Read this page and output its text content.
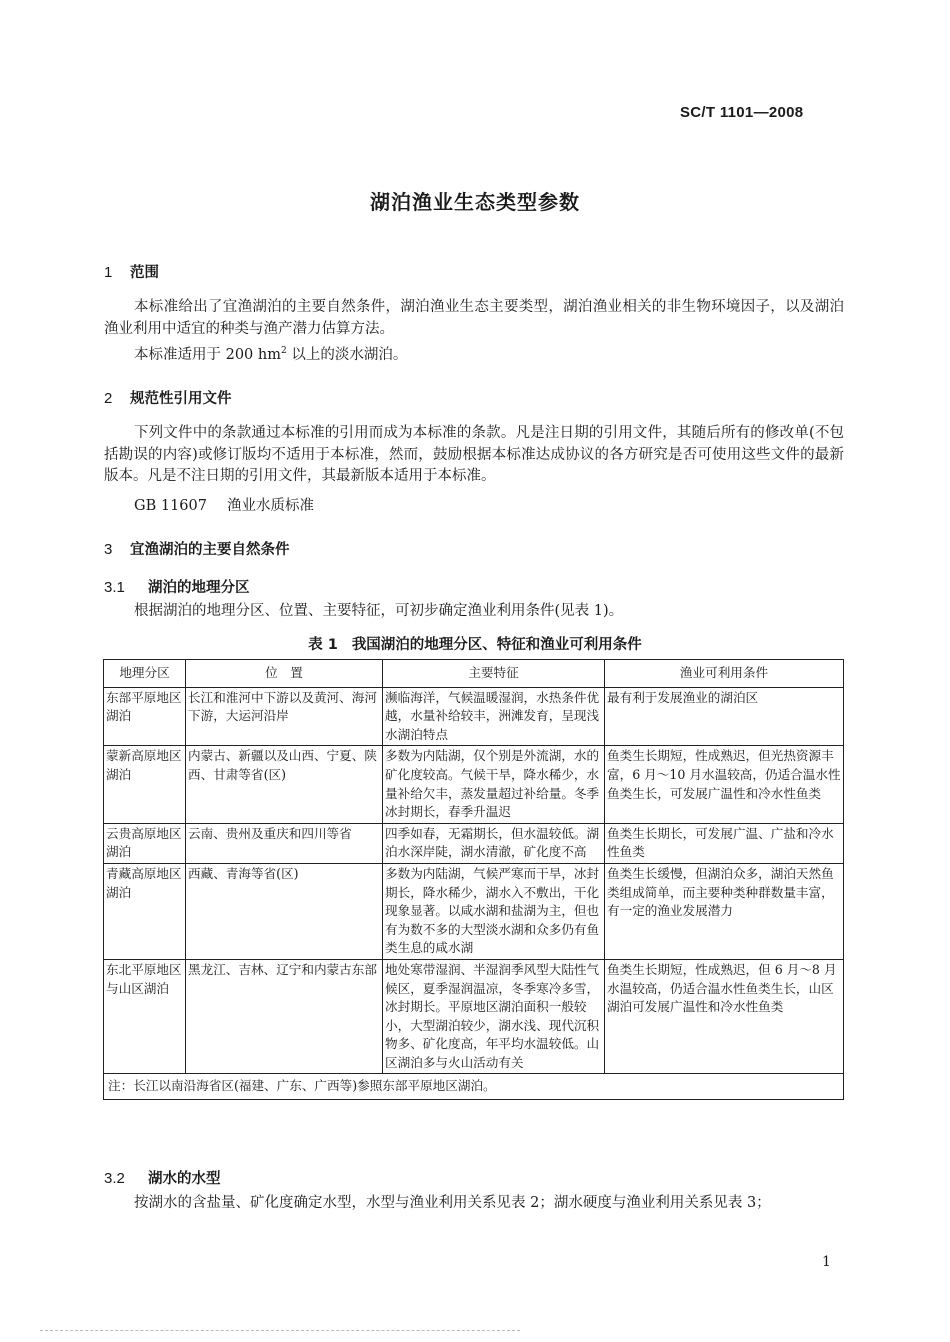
SC/T 1101—2008
湖泊渔业生态类型参数
1 范围
本标准给出了宜渔湖泊的主要自然条件，湖泊渔业生态主要类型，湖泊渔业相关的非生物环境因子，以及湖泊渔业利用中适宜的种类与渔产潜力估算方法。
本标准适用于 200 $hm^2$ 以上的淡水湖泊。
2 规范性引用文件
下列文件中的条款通过本标准的引用而成为本标准的条款。凡是注日期的引用文件，其随后所有的修改单(不包括勘误的内容)或修订版均不适用于本标准，然而，鼓励根据本标准达成协议的各方研究是否可使用这些文件的最新版本。凡是不注日期的引用文件，其最新版本适用于本标准。
GB 11607 渔业水质标准
3 宜渔湖泊的主要自然条件
3.1 湖泊的地理分区
根据湖泊的地理分区、位置、主要特征，可初步确定渔业利用条件(见表 1)。
表 1 我国湖泊的地理分区、特征和渔业可利用条件
地理分区	位　置	主要特征	渔业可利用条件
东部平原地区湖泊	长江和淮河中下游以及黄河、海河下游，大运河沿岸	濒临海洋，气候温暖湿润，水热条件优越，水量补给较丰，洲滩发育，呈现浅水湖泊特点	最有利于发展渔业的湖泊区
蒙新高原地区湖泊	内蒙古、新疆以及山西、宁夏、陕西、甘肃等省(区)	多数为内陆湖，仅个别是外流湖，水的矿化度较高。气候干旱，降水稀少，水量补给欠丰，蒸发量超过补给量。冬季冰封期长，春季升温迟	鱼类生长期短，性成熟迟，但光热资源丰富，6 月～10 月水温较高，仍适合温水性鱼类生长，可发展广温性和冷水性鱼类
云贵高原地区湖泊	云南、贵州及重庆和四川等省	四季如春，无霜期长，但水温较低。湖泊水深岸陡，湖水清澈，矿化度不高	鱼类生长期长，可发展广温、广盐和冷水性鱼类
青藏高原地区湖泊	西藏、青海等省(区)	多数为内陆湖，气候严寒而干旱，冰封期长，降水稀少，湖水入不敷出，干化现象显著。以咸水湖和盐湖为主，但也有为数不多的大型淡水湖和众多仍有鱼类生息的咸水湖	鱼类生长缓慢，但湖泊众多，湖泊天然鱼类组成简单，而主要种类种群数量丰富，有一定的渔业发展潜力
东北平原地区与山区湖泊	黑龙江、吉林、辽宁和内蒙古东部	地处寒带湿润、半湿润季风型大陆性气候区，夏季湿润温凉，冬季寒冷多雪，冰封期长。平原地区湖泊面积一般较小，大型湖泊较少，湖水浅、现代沉积物多、矿化度高，年平均水温较低。山区湖泊多与火山活动有关	鱼类生长期短，性成熟迟，但 6 月～8 月水温较高，仍适合温水性鱼类生长，山区湖泊可发展广温性和冷水性鱼类
注：长江以南沿海省区(福建、广东、广西等)参照东部平原地区湖泊。			
3.2 湖水的水型
按湖水的含盐量、矿化度确定水型，水型与渔业利用关系见表 2；湖水硬度与渔业利用关系见表 3；
1
